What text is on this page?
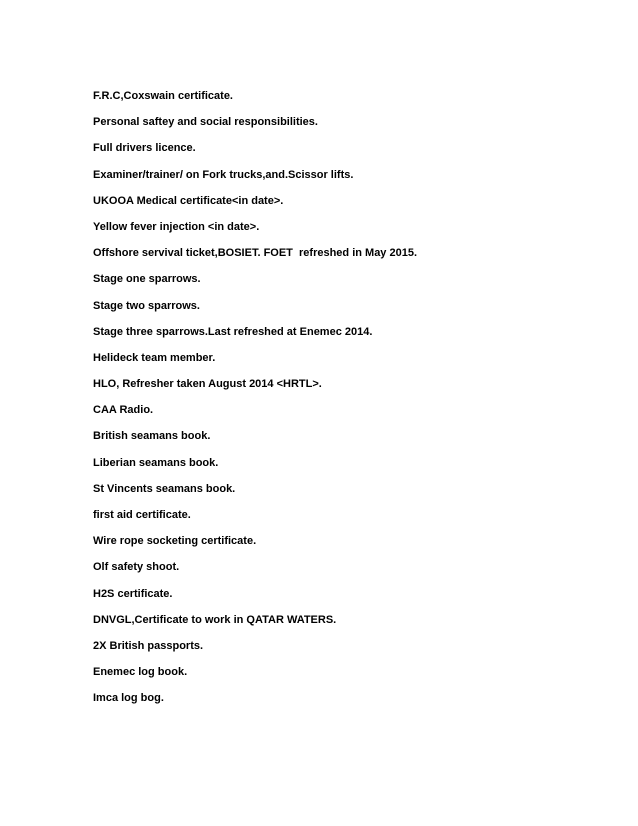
F.R.C,Coxswain certificate.
Personal saftey and social responsibilities.
Full drivers licence.
Examiner/trainer/ on Fork trucks,and.Scissor lifts.
UKOOA Medical certificate<in date>.
Yellow fever injection <in date>.
Offshore servival ticket,BOSIET. FOET  refreshed in May 2015.
Stage one sparrows.
Stage two sparrows.
Stage three sparrows.Last refreshed at Enemec 2014.
Helideck team member.
HLO, Refresher taken August 2014 <HRTL>.
CAA Radio.
British seamans book.
Liberian seamans book.
St Vincents seamans book.
first aid certificate.
Wire rope socketing certificate.
Olf safety shoot.
H2S certificate.
DNVGL,Certificate to work in QATAR WATERS.
2X British passports.
Enemec log book.
Imca log bog.
